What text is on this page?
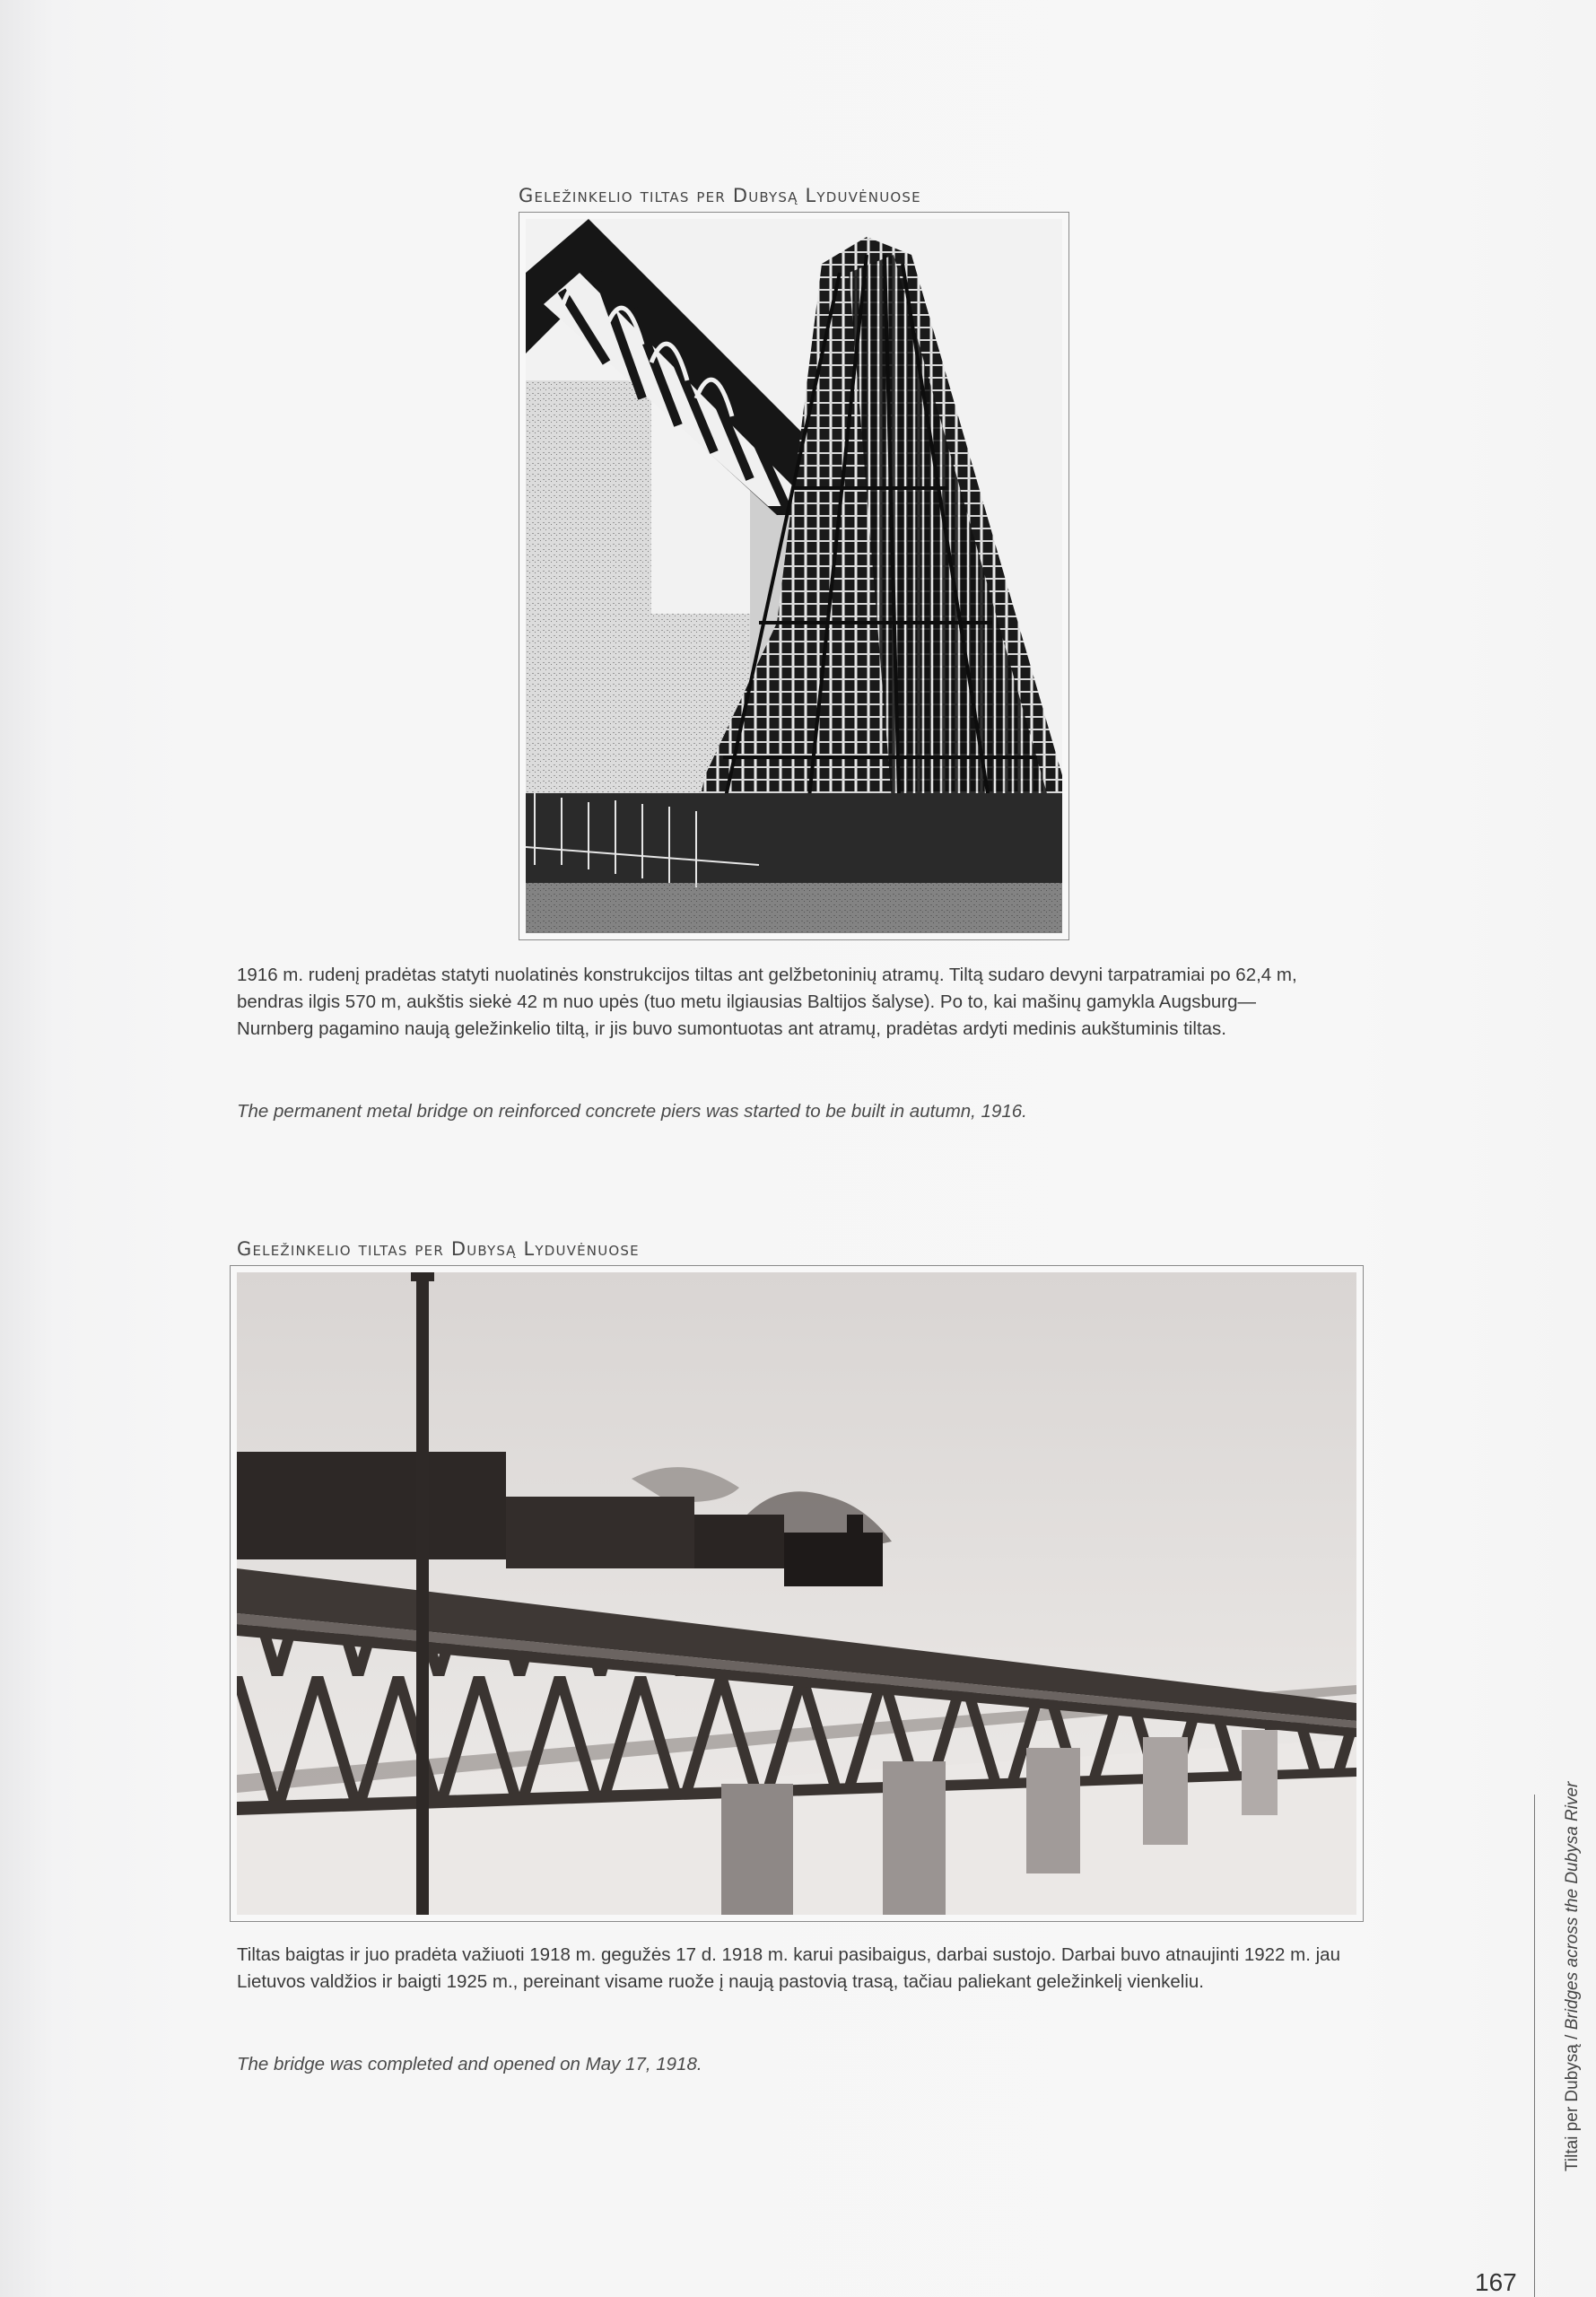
Geležinkelio tiltas per Dubysą Lyduvėnuose
1916 m. rudenį pradėtas statyti nuolatinės konstrukcijos tiltas ant gelžbetoninių atramų. Tiltą sudaro devyni tarpatramiai po 62,4 m, bendras ilgis 570 m, aukštis siekė 42 m nuo upės (tuo metu ilgiausias Baltijos šalyse). Po to, kai mašinų gamykla Augsburg—Nurnberg pagamino naują geležinkelio tiltą, ir jis buvo sumontuotas ant atramų, pradėtas ardyti medinis aukštuminis tiltas.
The permanent metal bridge on reinforced concrete piers was started to be built in autumn, 1916.
Geležinkelio tiltas per Dubysą Lyduvėnuose
Tiltas baigtas ir juo pradėta važiuoti 1918 m. gegužės 17 d. 1918 m. karui pasibaigus, darbai sustojo. Darbai buvo atnaujinti 1922 m. jau Lietuvos valdžios ir baigti 1925 m., pereinant visame ruože į naują pastovią trasą, tačiau paliekant geležinkelį vienkeliu.
The bridge was completed and opened on May 17, 1918.	Tiltai per Dubysą / Bridges across the Dubysa River
167
